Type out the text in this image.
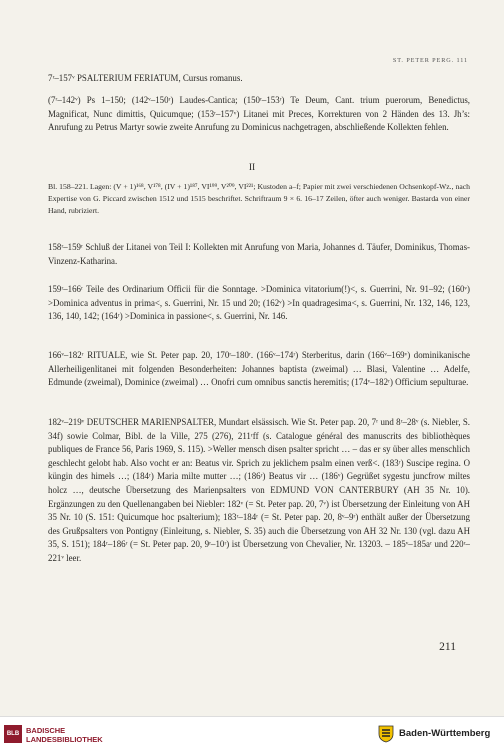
ST. PETER PERG. 111
7ʳ–157ᵛ PSALTERIUM FERIATUM, Cursus romanus.
(7ʳ–142ᵛ) Ps 1–150; (142ᵛ–150ʳ) Laudes-Cantica; (150ʳ–153ʳ) Te Deum, Cant. trium puerorum, Benedictus, Magnificat, Nunc dimittis, Quicumque; (153ʳ–157ᵛ) Litanei mit Preces, Korrekturen von 2 Händen des 13. Jh’s: Anrufung zu Petrus Martyr sowie zweite Anrufung zu Dominicus nachgetragen, abschließende Kollekten fehlen.
II
Bl. 158–221. Lagen: (V + 1)¹⁶⁸, V¹⁷⁸, (IV + 1)¹⁸⁷, VI¹⁹⁹, V²⁰⁹, VI²²¹; Kustoden a–f; Papier mit zwei verschiedenen Ochsenkopf-Wz., nach Expertise von G. Piccard zwischen 1512 und 1515 beschriftet. Schriftraum 9 × 6. 16–17 Zeilen, öfter auch weniger. Bastarda von einer Hand, rubriziert.
158ʳ–159ʳ Schluß der Litanei von Teil I: Kollekten mit Anrufung von Maria, Johannes d. Täufer, Dominikus, Thomas-Vinzenz-Katharina.
159ʳ–166ʳ Teile des Ordinarium Officii für die Sonntage. >Dominica vitatorium(!)<, s. Guerrini, Nr. 91–92; (160ᵛ) >Dominica adventus in prima<, s. Guerrini, Nr. 15 und 20; (162ᵛ) >In quadragesima<, s. Guerrini, Nr. 132, 146, 123, 136, 140, 142; (164ʳ) >Dominica in passione<, s. Guerrini, Nr. 146.
166ᵛ–182ʳ RITUALE, wie St. Peter pap. 20, 170ʳ–180ʳ. (166ᵛ–174ʳ) Sterberitus, darin (166ᵛ–169ᵛ) dominikanische Allerheiligenlitanei mit folgenden Besonderheiten: Johannes baptista (zweimal) … Blasi, Valentine … Adelfe, Edmunde (zweimal), Dominice (zweimal) … Onofri cum omnibus sanctis heremitis; (174ᵛ–182ʳ) Officium sepulturae.
182ᵛ–219ᵛ DEUTSCHER MARIENPSALTER, Mundart elsässisch. Wie St. Peter pap. 20, 7ʳ und 8ʳ–28ᵛ (s. Niebler, S. 34f) sowie Colmar, Bibl. de la Ville, 275 (276), 211ʳff (s. Catalogue général des manuscrits des bibliothèques publiques de France 56, Paris 1969, S. 115). >Weller mensch disen psalter spricht … – das er sy über alles menschlich geschlecht gelobt hab. Also vocht er an: Beatus vir. Sprich zu jeklichem psalm einen verß<. (183ʳ) Suscipe regina. O küngin des himels …; (184ʳ) Maria milte mutter …; (186ʳ) Beatus vir … (186ᵛ) Gegrüßet sygestu juncfrow miltes holcz …, deutsche Übersetzung des Marienpsalters von EDMUND VON CANTERBURY (AH 35 Nr. 10). Ergänzungen zu den Quellenangaben bei Niebler: 182ᵛ (= St. Peter pap. 20, 7ᵛ) ist Übersetzung der Einleitung von AH 35 Nr. 10 (S. 151: Quicumque hoc psalterium); 183ʳ–184ʳ (= St. Peter pap. 20, 8ᵛ–9ʳ) enthält außer der Übersetzung des Grußpsalters von Pontigny (Einleitung, s. Niebler, S. 35) auch die Übersetzung von AH 32 Nr. 130 (vgl. dazu AH 35, S. 151); 184ʳ–186ʳ (= St. Peter pap. 20, 9ʳ–10ʳ) ist Übersetzung von Chevalier, Nr. 13203. – 185ᵛ–185aʳ und 220ʳ–221ᵛ leer.
211
BLB BADISCHE
LANDESBIBLIOTHEK
Baden-Württemberg
